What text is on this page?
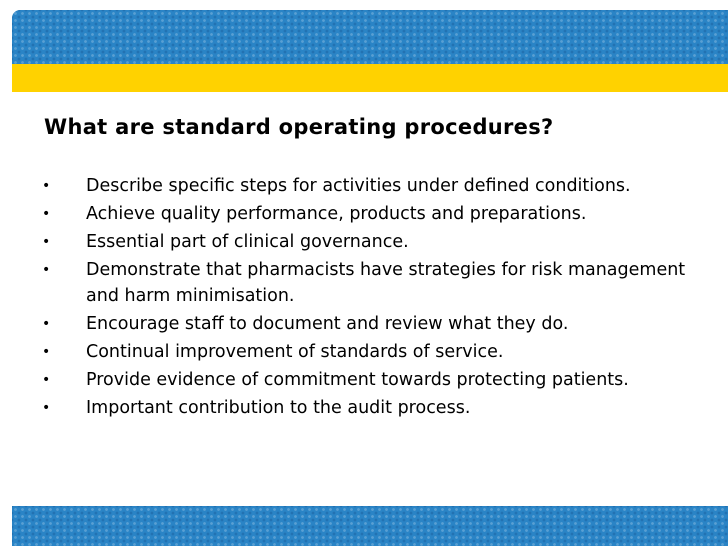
What are standard operating procedures?
• Describe specific steps for activities under defined conditions.
• Achieve quality performance, products and preparations.
• Essential part of clinical governance.
• Demonstrate that pharmacists have strategies for risk management and harm minimisation.
• Encourage staff to document and review what they do.
• Continual improvement of standards of service.
• Provide evidence of commitment towards protecting patients.
• Important contribution to the audit process.
